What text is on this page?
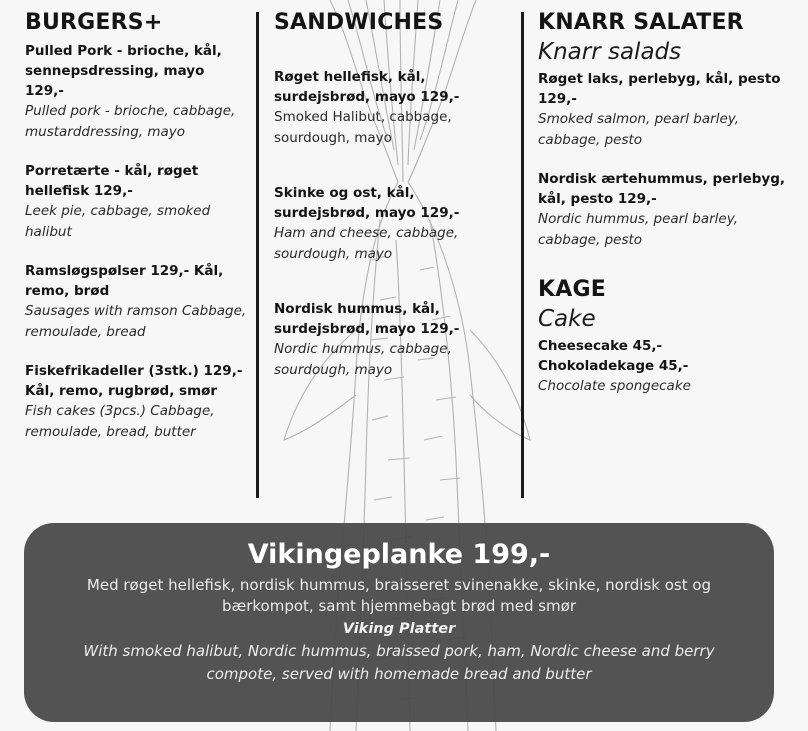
BURGERS+
Pulled Pork - brioche, kål, sennepsdressing, mayo 129,-
Pulled pork - brioche, cabbage, mustarddressing, mayo
Porretærte - kål, røget hellefisk 129,-
Leek pie, cabbage, smoked halibut
Ramsløgspølser 129,- Kål, remo, brød
Sausages with ramson Cabbage, remoulade, bread
Fiskefrikadeller (3stk.) 129,- Kål, remo, rugbrød, smør
Fish cakes (3pcs.) Cabbage, remoulade, bread, butter
SANDWICHES
Røget hellefisk, kål, surdejsbrød, mayo 129,-
Smoked Halibut, cabbage, sourdough, mayo
Skinke og ost, kål, surdejsbrød, mayo 129,-
Ham and cheese, cabbage, sourdough, mayo
Nordisk hummus, kål, surdejsbrød, mayo 129,-
Nordic hummus, cabbage, sourdough, mayo
KNARR SALATER
Knarr salads
Røget laks, perlebyg, kål, pesto 129,-
Smoked salmon, pearl barley, cabbage, pesto
Nordisk ærtehummus, perlebyg, kål, pesto 129,-
Nordic hummus, pearl barley, cabbage, pesto
KAGE
Cake
Cheesecake 45,-
Chokoladekage 45,-
Chocolate spongecake
Vikingeplanke 199,-
Med røget hellefisk, nordisk hummus, braisseret svinenakke, skinke, nordisk ost og bærkompot, samt hjemmebagt brød med smør
Viking Platter
With smoked halibut, Nordic hummus, braissed pork, ham, Nordic cheese and berry compote, served with homemade bread and butter
